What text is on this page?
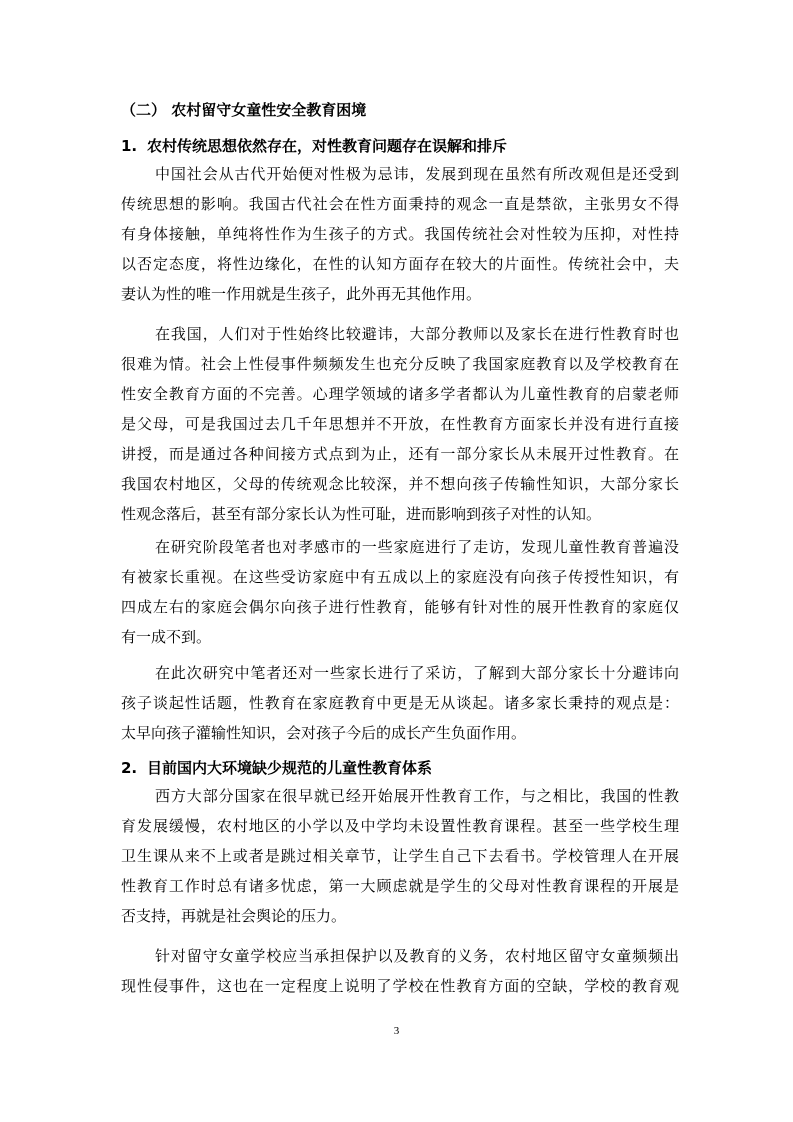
（二） 农村留守女童性安全教育困境
1. 农村传统思想依然存在，对性教育问题存在误解和排斥
中国社会从古代开始便对性极为忌讳，发展到现在虽然有所改观但是还受到
传统思想的影响。我国古代社会在性方面秉持的观念一直是禁欲，主张男女不得
有身体接触，单纯将性作为生孩子的方式。我国传统社会对性较为压抑，对性持
以否定态度，将性边缘化，在性的认知方面存在较大的片面性。传统社会中，夫
妻认为性的唯一作用就是生孩子，此外再无其他作用。
在我国，人们对于性始终比较避讳，大部分教师以及家长在进行性教育时也
很难为情。社会上性侵事件频频发生也充分反映了我国家庭教育以及学校教育在
性安全教育方面的不完善。心理学领域的诸多学者都认为儿童性教育的启蒙老师
是父母，可是我国过去几千年思想并不开放，在性教育方面家长并没有进行直接
讲授，而是通过各种间接方式点到为止，还有一部分家长从未展开过性教育。在
我国农村地区，父母的传统观念比较深，并不想向孩子传输性知识，大部分家长
性观念落后，甚至有部分家长认为性可耻，进而影响到孩子对性的认知。
在研究阶段笔者也对孝感市的一些家庭进行了走访，发现儿童性教育普遍没
有被家长重视。在这些受访家庭中有五成以上的家庭没有向孩子传授性知识，有
四成左右的家庭会偶尔向孩子进行性教育，能够有针对性的展开性教育的家庭仅
有一成不到。
在此次研究中笔者还对一些家长进行了采访，了解到大部分家长十分避讳向
孩子谈起性话题，性教育在家庭教育中更是无从谈起。诸多家长秉持的观点是：
太早向孩子灌输性知识，会对孩子今后的成长产生负面作用。
2. 目前国内大环境缺少规范的儿童性教育体系
西方大部分国家在很早就已经开始展开性教育工作，与之相比，我国的性教
育发展缓慢，农村地区的小学以及中学均未设置性教育课程。甚至一些学校生理
卫生课从来不上或者是跳过相关章节，让学生自己下去看书。学校管理人在开展
性教育工作时总有诸多忧虑，第一大顾虑就是学生的父母对性教育课程的开展是
否支持，再就是社会舆论的压力。
针对留守女童学校应当承担保护以及教育的义务，农村地区留守女童频频出
现性侵事件，这也在一定程度上说明了学校在性教育方面的空缺，学校的教育观
3
